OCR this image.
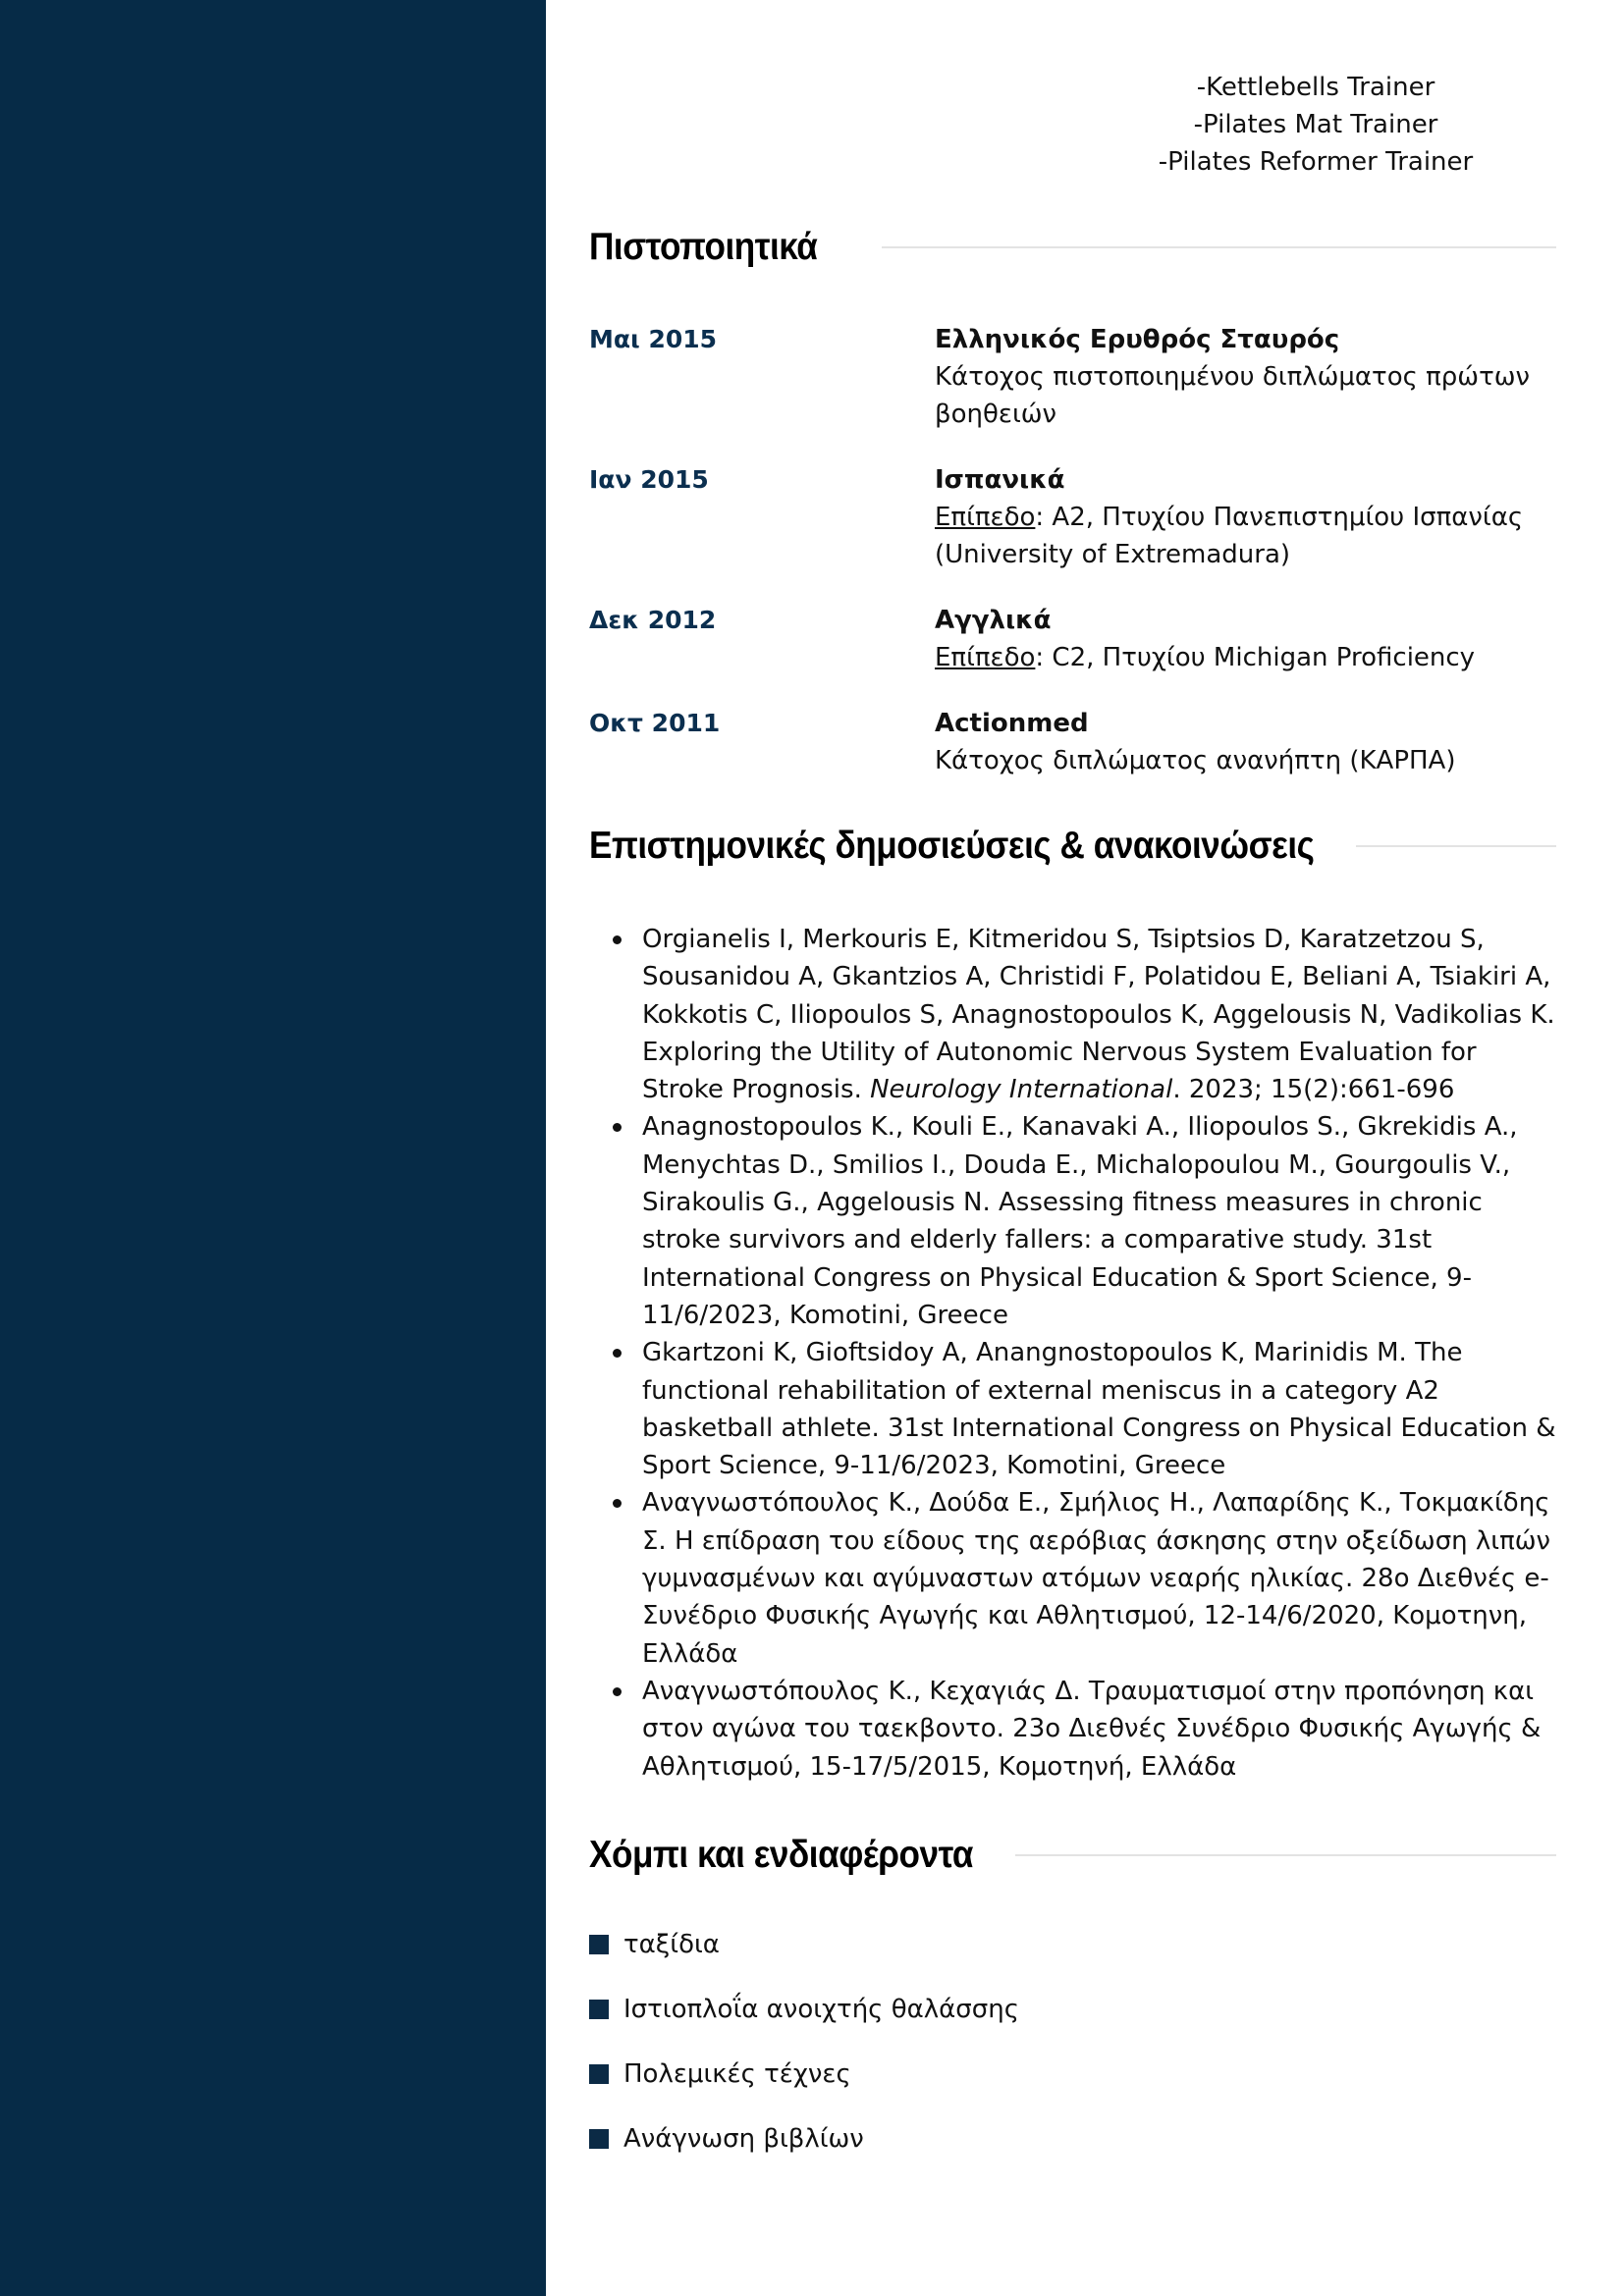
-Kettlebells Trainer
-Pilates Mat Trainer
-Pilates Reformer Trainer
Πιστοποιητικά
Μαι 2015	Ελληνικός Ερυθρός Σταυρός
Κάτοχος πιστοποιημένου διπλώματος πρώτων βοηθειών
Ιαν 2015	Ισπανικά
Επίπεδο: A2, Πτυχίου Πανεπιστημίου Ισπανίας (University of Extremadura)
Δεκ 2012	Αγγλικά
Επίπεδο: C2, Πτυχίου Michigan Proficiency
Οκτ 2011	Actionmed
Κάτοχος διπλώματος ανανήπτη (ΚΑΡΠΑ)
Επιστημονικές δημοσιεύσεις & ανακοινώσεις
Orgianelis I, Merkouris E, Kitmeridou S, Tsiptsios D, Karatzetzou S, Sousanidou A, Gkantzios A, Christidi F, Polatidou E, Beliani A, Tsiakiri A, Kokkotis C, Iliopoulos S, Anagnostopoulos K, Aggelousis N, Vadikolias K. Exploring the Utility of Autonomic Nervous System Evaluation for Stroke Prognosis. Neurology International. 2023; 15(2):661-696
Anagnostopoulos K., Kouli E., Kanavaki A., Iliopoulos S., Gkrekidis A., Menychtas D., Smilios I., Douda E., Michalopoulou M., Gourgoulis V., Sirakoulis G., Aggelousis N. Assessing fitness measures in chronic stroke survivors and elderly fallers: a comparative study. 31st International Congress on Physical Education & Sport Science, 9-11/6/2023, Komotini, Greece
Gkartzoni K, Gioftsidoy A, Anangnostopoulos K, Marinidis M. The functional rehabilitation of external meniscus in a category A2 basketball athlete. 31st International Congress on Physical Education & Sport Science, 9-11/6/2023, Komotini, Greece
Αναγνωστόπουλος Κ., Δούδα Ε., Σμήλιος Η., Λαπαρίδης Κ., Τοκμακίδης Σ. Η επίδραση του είδους της αερόβιας άσκησης στην οξείδωση λιπών γυμνασμένων και αγύμναστων ατόμων νεαρής ηλικίας. 28ο Διεθνές e-Συνέδριο Φυσικής Αγωγής και Αθλητισμού, 12-14/6/2020, Κομοτηνη, Ελλάδα
Αναγνωστόπουλος Κ., Κεχαγιάς Δ. Τραυματισμοί στην προπόνηση και στον αγώνα του ταεκβοντο. 23ο Διεθνές Συνέδριο Φυσικής Αγωγής & Αθλητισμού, 15-17/5/2015, Κομοτηνή, Ελλάδα
Χόμπι και ενδιαφέροντα
ταξίδια
Ιστιοπλοΐα ανοιχτής θαλάσσης
Πολεμικές τέχνες
Ανάγνωση βιβλίων
